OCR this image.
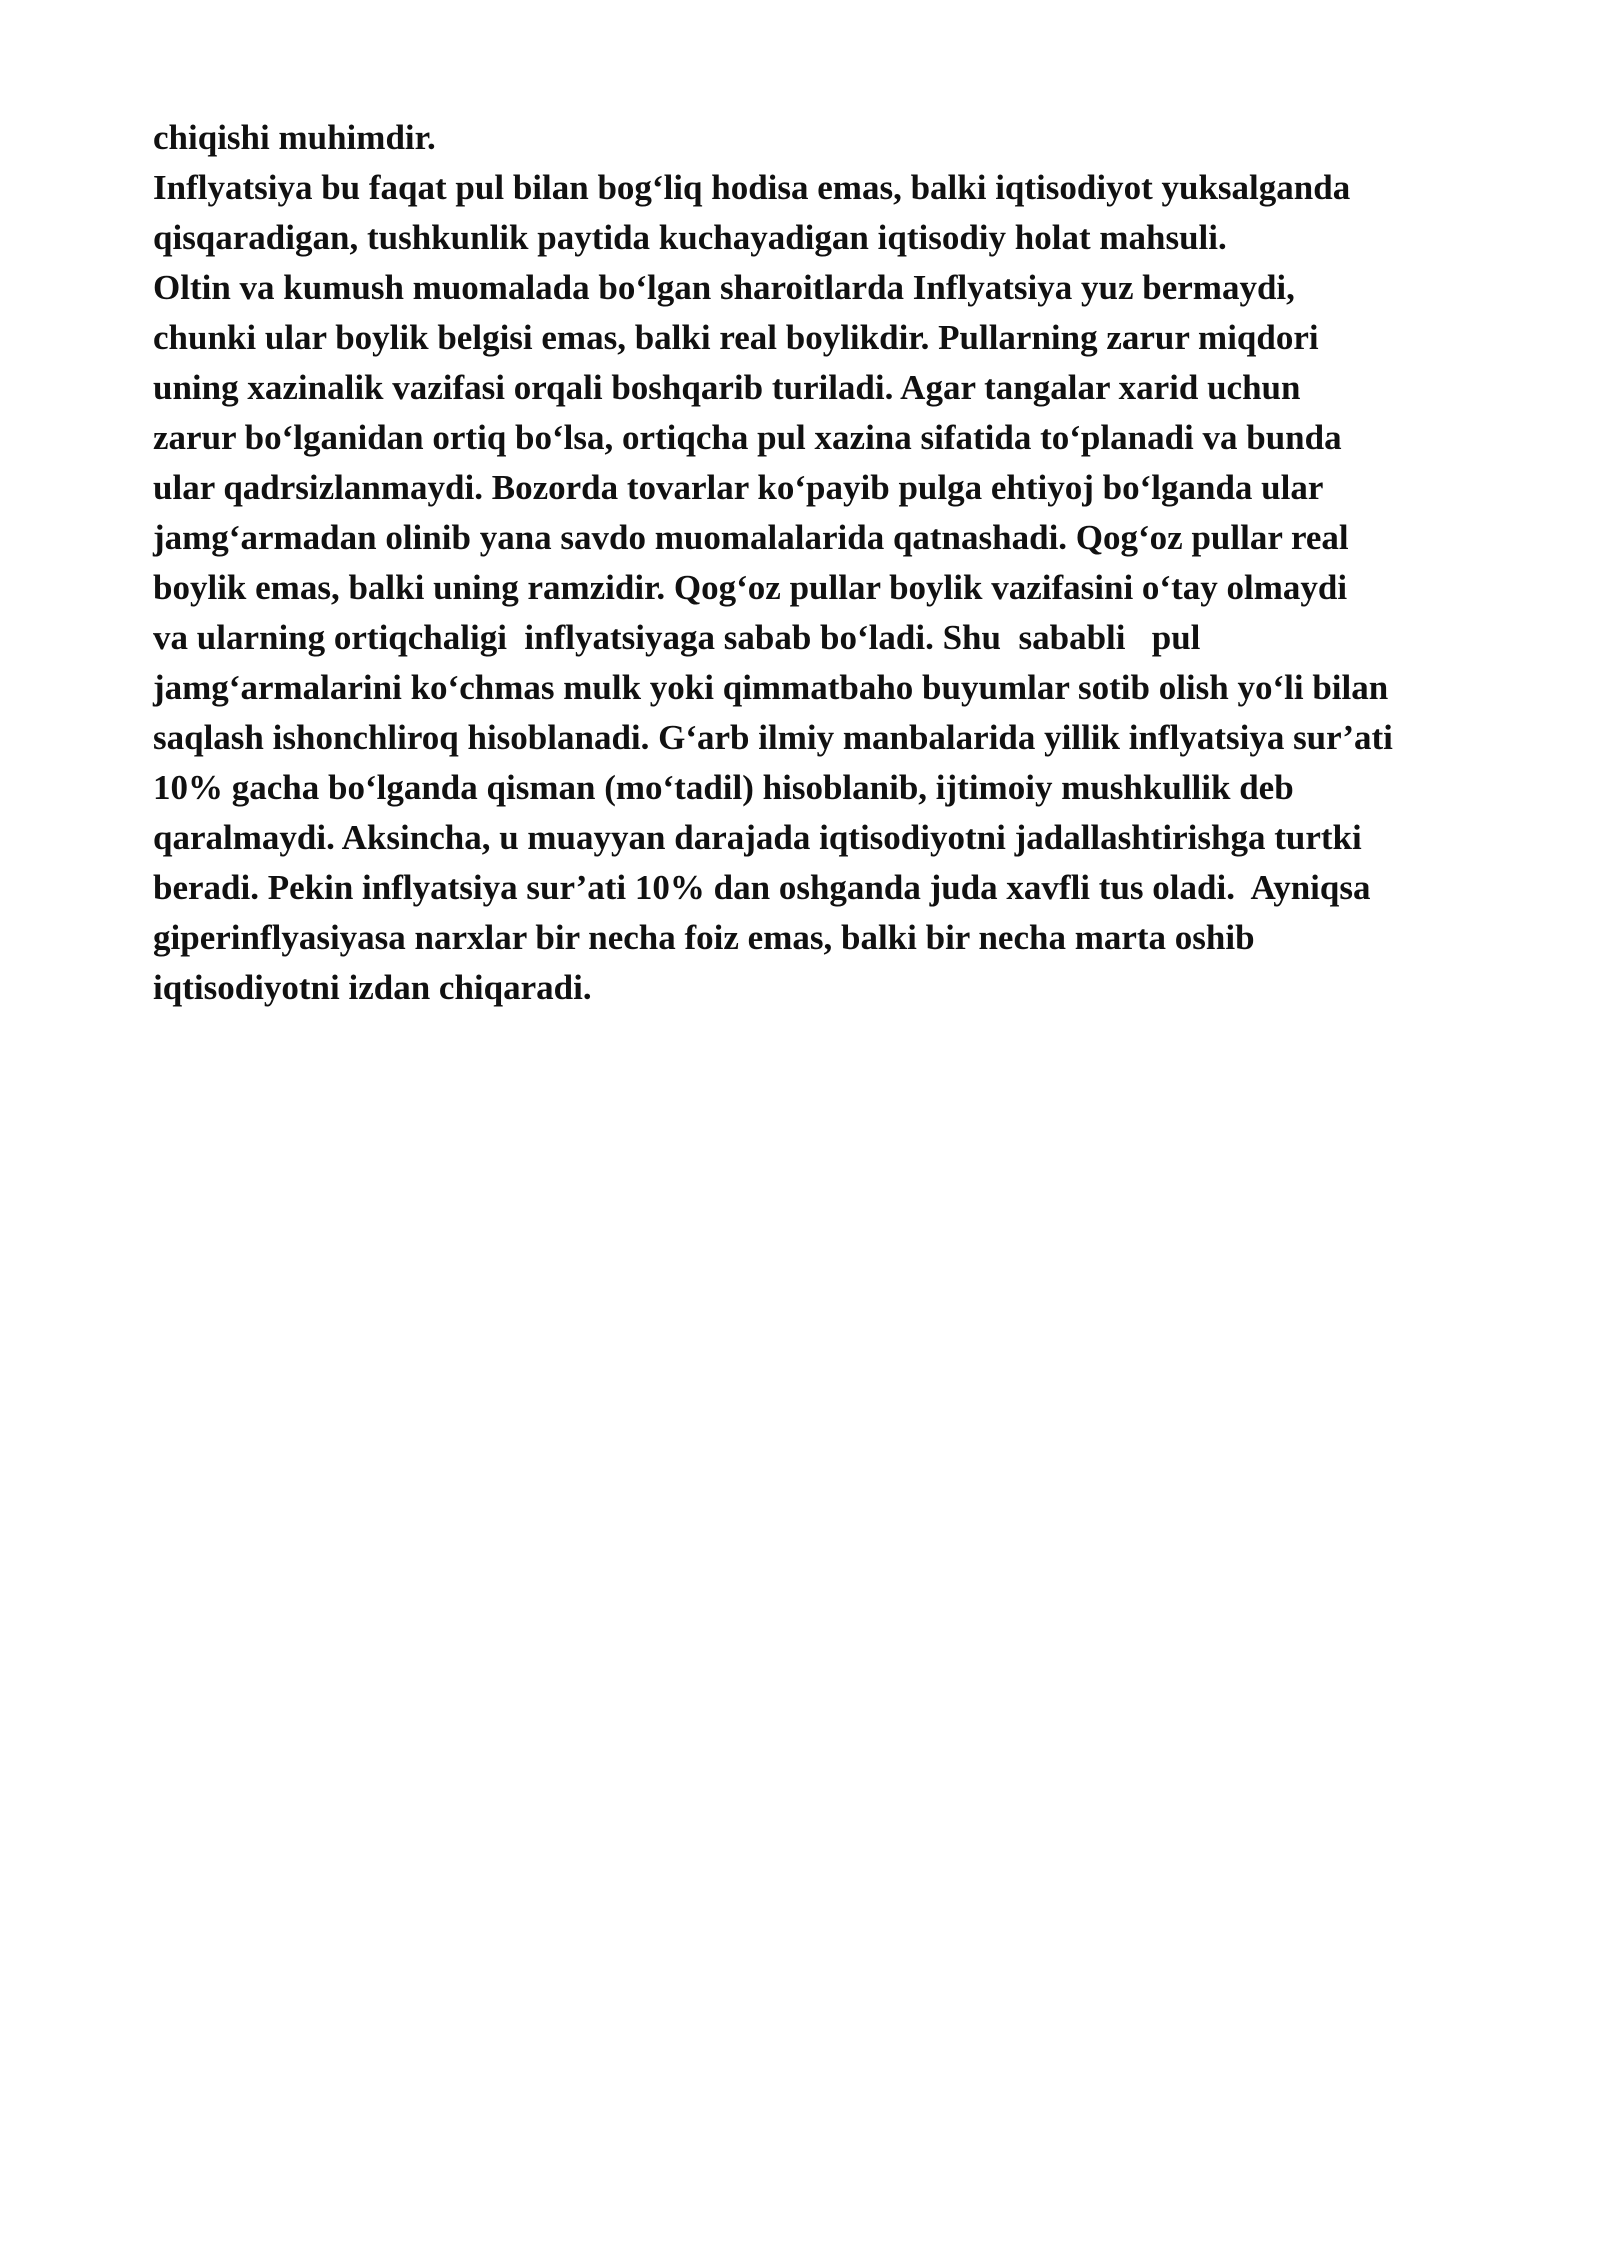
chiqishi muhimdir.
Inflyatsiya bu faqat pul bilan bog‘liq hodisa emas, balki iqtisodiyot yuksalganda
qisqaradigan, tushkunlik paytida kuchayadigan iqtisodiy holat mahsuli.
Oltin va kumush muomalada bo‘lgan sharoitlarda Inflyatsiya yuz bermaydi,
chunki ular boylik belgisi emas, balki real boylikdir. Pullarning zarur miqdori
uning xazinalik vazifasi orqali boshqarib turiladi. Agar tangalar xarid uchun
zarur bo‘lganidan ortiq bo‘lsa, ortiqcha pul xazina sifatida to‘planadi va bunda
ular qadrsizlanmaydi. Bozorda tovarlar ko‘payib pulga ehtiyoj bo‘lganda ular
jamg‘armadan olinib yana savdo muomalalarida qatnashadi. Qog‘oz pullar real
boylik emas, balki uning ramzidir. Qog‘oz pullar boylik vazifasini o‘tay olmaydi
va ularning ortiqchaligi  inflyatsiyaga sabab bo‘ladi. Shu  sababli   pul
jamg‘armalarini ko‘chmas mulk yoki qimmatbaho buyumlar sotib olish yo‘li bilan
saqlash ishonchliroq hisoblanadi. G‘arb ilmiy manbalarida yillik inflyatsiya sur’ati
10% gacha bo‘lganda qisman (mo‘tadil) hisoblanib, ijtimoiy mushkullik deb
qaralmaydi. Aksincha, u muayyan darajada iqtisodiyotni jadallashtirishga turtki
beradi. Pekin inflyatsiya sur’ati 10% dan oshganda juda xavfli tus oladi.  Ayniqsa
giperinflyasiyasa narxlar bir necha foiz emas, balki bir necha marta oshib
iqtisodiyotni izdan chiqaradi.
